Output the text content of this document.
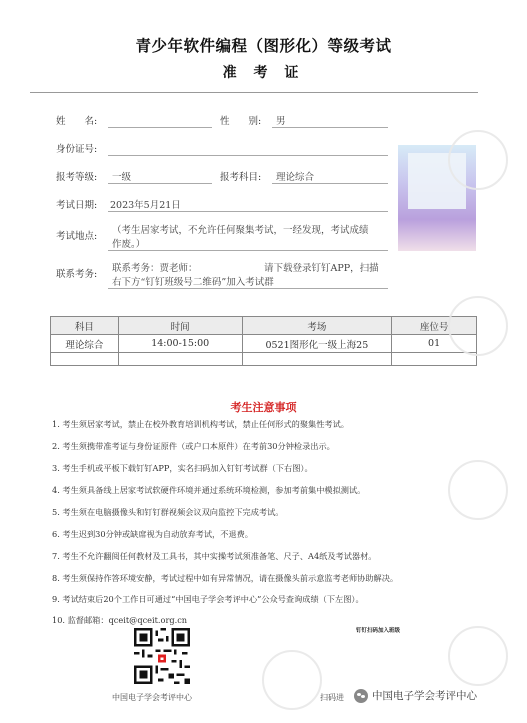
青少年软件编程（图形化）等级考试
准 考 证
姓　　名:	性　　别: 男
身份证号:
报考等级: 一级	报考科目: 理论综合
考试日期: 2023年5月21日
考试地点:
（考生居家考试，不允许任何聚集考试，一经发现，考试成绩
作废。）
联系考务:
联系考务：贾老师：	请下载登录钉钉APP，扫描
右下方“钉钉班级号二维码”加入考试群
科目	时间	考场	座位号
理论综合	14:00-15:00	0521图形化一级上海25	01

考生注意事项
1. 考生须居家考试，禁止在校外教育培训机构考试，禁止任何形式的聚集性考试。
2. 考生须携带准考证与身份证原件（或户口本原件）在考前30分钟检录出示。
3. 考生手机或平板下载钉钉APP，实名扫码加入钉钉考试群（下右图）。
4. 考生须具备线上居家考试软硬件环境并通过系统环境检测，参加考前集中模拟测试。
5. 考生须在电脑摄像头和钉钉群视频会议双向监控下完成考试。
6. 考生迟到30分钟或缺席视为自动放弃考试，不退费。
7. 考生不允许翻阅任何教材及工具书，其中实操考试须准备笔、尺子、A4纸及考试器材。
8. 考生须保持作答环境安静，考试过程中如有异常情况，请在摄像头前示意监考老师协助解决。
9. 考试结束后20个工作日可通过“中国电子学会考评中心”公众号查询成绩（下左图）。
10. 监督邮箱：qceit@qceit.org.cn
中国电子学会考评中心
钉钉扫码加入班级
扫码进	中国电子学会考评中心
